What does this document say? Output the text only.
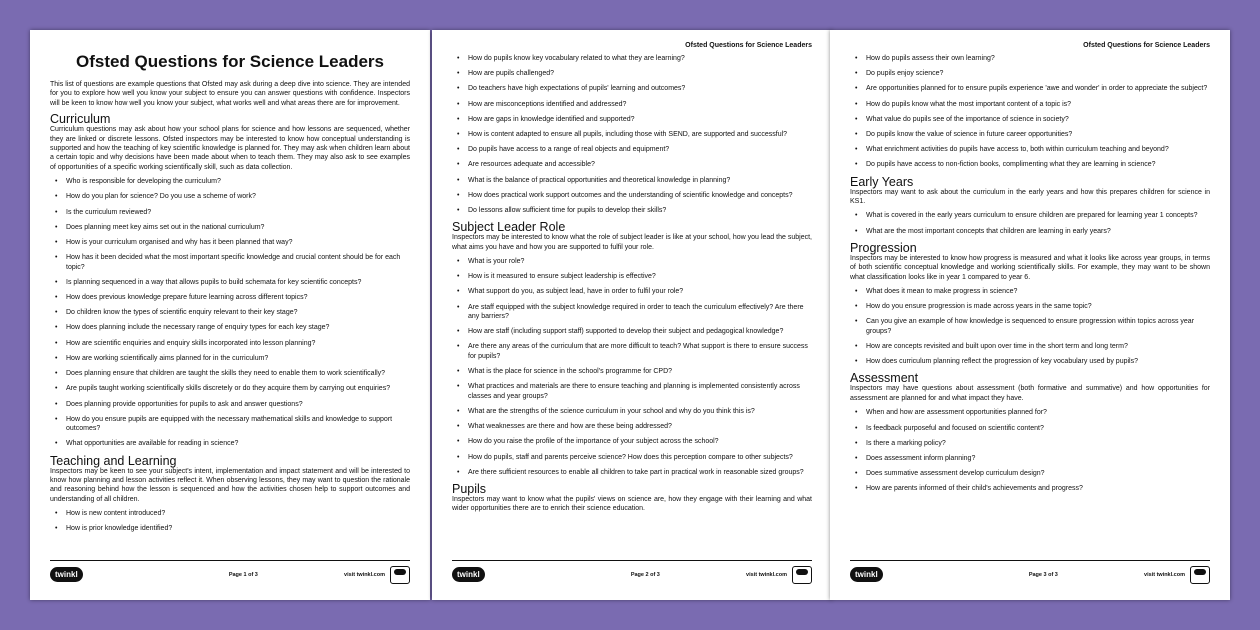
Ofsted Questions for Science Leaders
This list of questions are example questions that Ofsted may ask during a deep dive into science. They are intended for you to explore how well you know your subject to ensure you can answer questions with confidence. Inspectors will be keen to know how well you know your subject, what works well and what areas there are for improvement.
Curriculum
Curriculum questions may ask about how your school plans for science and how lessons are sequenced, whether they are linked or discrete lessons. Ofsted inspectors may be interested to know how conceptual understanding is supported and how the teaching of key scientific knowledge is planned for. They may ask when children learn about a certain topic and why decisions have been made about when to teach them. They may also ask to see examples of opportunities of a specific working scientifically skill, such as data collection.
• Who is responsible for developing the curriculum?
• How do you plan for science? Do you use a scheme of work?
• Is the curriculum reviewed?
• Does planning meet key aims set out in the national curriculum?
• How is your curriculum organised and why has it been planned that way?
• How has it been decided what the most important specific knowledge and crucial content should be for each topic?
• Is planning sequenced in a way that allows pupils to build schemata for key scientific concepts?
• How does previous knowledge prepare future learning across different topics?
• Do children know the types of scientific enquiry relevant to their key stage?
• How does planning include the necessary range of enquiry types for each key stage?
• How are scientific enquiries and enquiry skills incorporated into lesson planning?
• How are working scientifically aims planned for in the curriculum?
• Does planning ensure that children are taught the skills they need to enable them to work scientifically?
• Are pupils taught working scientifically skills discretely or do they acquire them by carrying out enquiries?
• Does planning provide opportunities for pupils to ask and answer questions?
• How do you ensure pupils are equipped with the necessary mathematical skills and knowledge to support outcomes?
• What opportunities are available for reading in science?
Teaching and Learning
Inspectors may be keen to see your subject's intent, implementation and impact statement and will be interested to know how planning and lesson activities reflect it. When observing lessons, they may want to question the rationale and reasoning behind how the lesson is sequenced and how the activities chosen help to support outcomes and understanding of all children.
• How is new content introduced?
• How is prior knowledge identified?
twinkl	Page 1 of 3	visit twinkl.com
Ofsted Questions for Science Leaders
• How do pupils know key vocabulary related to what they are learning?
• How are pupils challenged?
• Do teachers have high expectations of pupils' learning and outcomes?
• How are misconceptions identified and addressed?
• How are gaps in knowledge identified and supported?
• How is content adapted to ensure all pupils, including those with SEND, are supported and successful?
• Do pupils have access to a range of real objects and equipment?
• Are resources adequate and accessible?
• What is the balance of practical opportunities and theoretical knowledge in planning?
• How does practical work support outcomes and the understanding of scientific knowledge and concepts?
• Do lessons allow sufficient time for pupils to develop their skills?
Subject Leader Role
Inspectors may be interested to know what the role of subject leader is like at your school, how you lead the subject, what aims you have and how you are supported to fulfil your role.
• What is your role?
• How is it measured to ensure subject leadership is effective?
• What support do you, as subject lead, have in order to fulfil your role?
• Are staff equipped with the subject knowledge required in order to teach the curriculum effectively? Are there any barriers?
• How are staff (including support staff) supported to develop their subject and pedagogical knowledge?
• Are there any areas of the curriculum that are more difficult to teach? What support is there to ensure success for pupils?
• What is the place for science in the school's programme for CPD?
• What practices and materials are there to ensure teaching and planning is implemented consistently across classes and year groups?
• What are the strengths of the science curriculum in your school and why do you think this is?
• What weaknesses are there and how are these being addressed?
• How do you raise the profile of the importance of your subject across the school?
• How do pupils, staff and parents perceive science? How does this perception compare to other subjects?
• Are there sufficient resources to enable all children to take part in practical work in reasonable sized groups?
Pupils
Inspectors may want to know what the pupils' views on science are, how they engage with their learning and what wider opportunities there are to enrich their science education.
twinkl	Page 2 of 3	visit twinkl.com
Ofsted Questions for Science Leaders
• How do pupils assess their own learning?
• Do pupils enjoy science?
• Are opportunities planned for to ensure pupils experience 'awe and wonder' in order to appreciate the subject?
• How do pupils know what the most important content of a topic is?
• What value do pupils see of the importance of science in society?
• Do pupils know the value of science in future career opportunities?
• What enrichment activities do pupils have access to, both within curriculum teaching and beyond?
• Do pupils have access to non-fiction books, complimenting what they are learning in science?
Early Years
Inspectors may want to ask about the curriculum in the early years and how this prepares children for science in KS1.
• What is covered in the early years curriculum to ensure children are prepared for learning year 1 concepts?
• What are the most important concepts that children are learning in early years?
Progression
Inspectors may be interested to know how progress is measured and what it looks like across year groups, in terms of both scientific conceptual knowledge and working scientifically skills. For example, they may want to be shown what classification looks like in year 1 compared to year 6.
• What does it mean to make progress in science?
• How do you ensure progression is made across years in the same topic?
• Can you give an example of how knowledge is sequenced to ensure progression within topics across year groups?
• How are concepts revisited and built upon over time in the short term and long term?
• How does curriculum planning reflect the progression of key vocabulary used by pupils?
Assessment
Inspectors may have questions about assessment (both formative and summative) and how opportunities for assessment are planned for and what impact they have.
• When and how are assessment opportunities planned for?
• Is feedback purposeful and focused on scientific content?
• Is there a marking policy?
• Does assessment inform planning?
• Does summative assessment develop curriculum design?
• How are parents informed of their child's achievements and progress?
twinkl	Page 3 of 3	visit twinkl.com
